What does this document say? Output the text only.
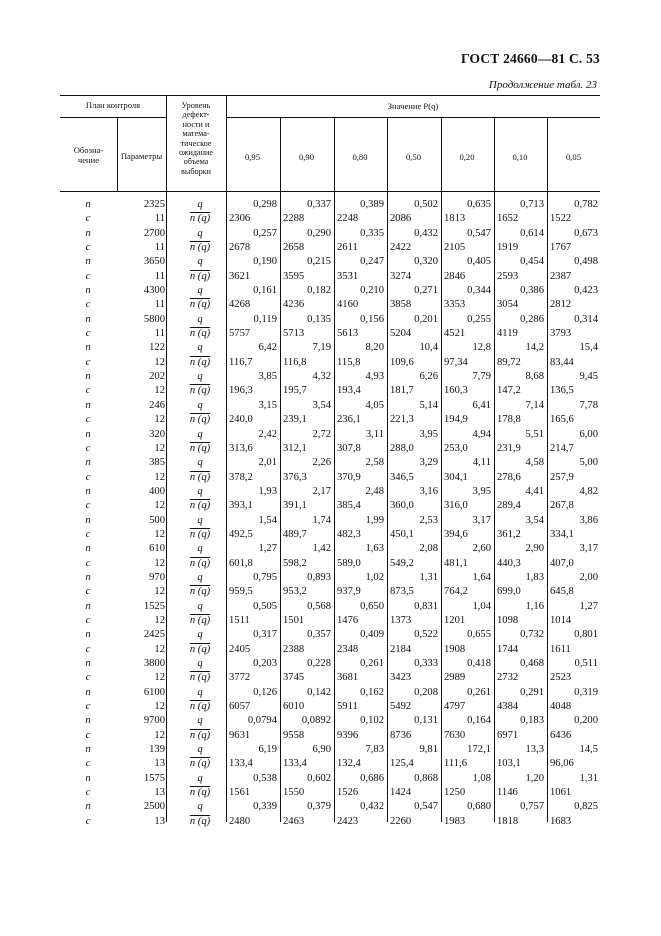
ГОСТ 24660—81 С. 53
Продолжение табл. 23
План контроля
Обозна-
чение	Параметры
Уровень
дефект-
ности и
матема-
тическое
ожидание
объема
выборки
Значение P(q)
0,95	0,90	0,80	0,50	0,20	0,10	0,05
n	2325	q	0,298	0,337	0,389	0,502	0,635	0,713	0,782
c	11	n (q)	2306	2288	2248	2086	1813	1652	1522
n	2700	q	0,257	0,290	0,335	0,432	0,547	0,614	0,673
c	11	n (q)	2678	2658	2611	2422	2105	1919	1767
n	3650	q	0,190	0,215	0,247	0,320	0,405	0,454	0,498
c	11	n (q)	3621	3595	3531	3274	2846	2593	2387
n	4300	q	0,161	0,182	0,210	0,271	0,344	0,386	0,423
c	11	n (q)	4268	4236	4160	3858	3353	3054	2812
n	5800	q	0,119	0,135	0,156	0,201	0,255	0,286	0,314
c	11	n (q)	5757	5713	5613	5204	4521	4119	3793
n	122	q	6,42	7,19	8,20	10,4	12,8	14,2	15,4
c	12	n (q)	116,7	116,8	115,8	109,6	97,34	89,72	83,44
n	202	q	3,85	4,32	4,93	6,26	7,79	8,68	9,45
c	12	n (q)	196,3	195,7	193,4	181,7	160,3	147,2	136,5
n	246	q	3,15	3,54	4,05	5,14	6,41	7,14	7,78
c	12	n (q)	240,0	239,1	236,1	221,3	194,9	178,8	165,6
n	320	q	2,42	2,72	3,11	3,95	4,94	5,51	6,00
c	12	n (q)	313,6	312,1	307,8	288,0	253,0	231,9	214,7
n	385	q	2,01	2,26	2,58	3,29	4,11	4,58	5,00
c	12	n (q)	378,2	376,3	370,9	346,5	304,1	278,6	257,9
n	400	q	1,93	2,17	2,48	3,16	3,95	4,41	4,82
c	12	n (q)	393,1	391,1	385,4	360,0	316,0	289,4	267,8
n	500	q	1,54	1,74	1,99	2,53	3,17	3,54	3,86
c	12	n (q)	492,5	489,7	482,3	450,1	394,6	361,2	334,1
n	610	q	1,27	1,42	1,63	2,08	2,60	2,90	3,17
c	12	n (q)	601,8	598,2	589,0	549,2	481,1	440,3	407,0
n	970	q	0,795	0,893	1,02	1,31	1,64	1,83	2,00
c	12	n (q)	959,5	953,2	937,9	873,5	764,2	699,0	645,8
n	1525	q	0,505	0,568	0,650	0,831	1,04	1,16	1,27
c	12	n (q)	1511	1501	1476	1373	1201	1098	1014
n	2425	q	0,317	0,357	0,409	0,522	0,655	0,732	0,801
c	12	n (q)	2405	2388	2348	2184	1908	1744	1611
n	3800	q	0,203	0,228	0,261	0,333	0,418	0,468	0,511
c	12	n (q)	3772	3745	3681	3423	2989	2732	2523
n	6100	q	0,126	0,142	0,162	0,208	0,261	0,291	0,319
c	12	n (q)	6057	6010	5911	5492	4797	4384	4048
n	9700	q	0,0794 0,0892	0,102	0,131	0,164	0,183	0,200
c	12	n (q)	9631	9558	9396	8736	7630	6971	6436
n	139	q	6,19	6,90	7,83	9,81	172,1	13,3	14,5
c	13	n (q)	133,4	133,4	132,4	125,4	111,6	103,1	96,06
n	1575	q	0,538	0,602	0,686	0,868	1,08	1,20	1,31
c	13	n (q)	1561	1550	1526	1424	1250	1146	1061
n	2500	q	0,339	0,379	0,432	0,547	0,680	0,757	0,825
c	13	n (q)	2480	2463	2423	2260	1983	1818	1683
